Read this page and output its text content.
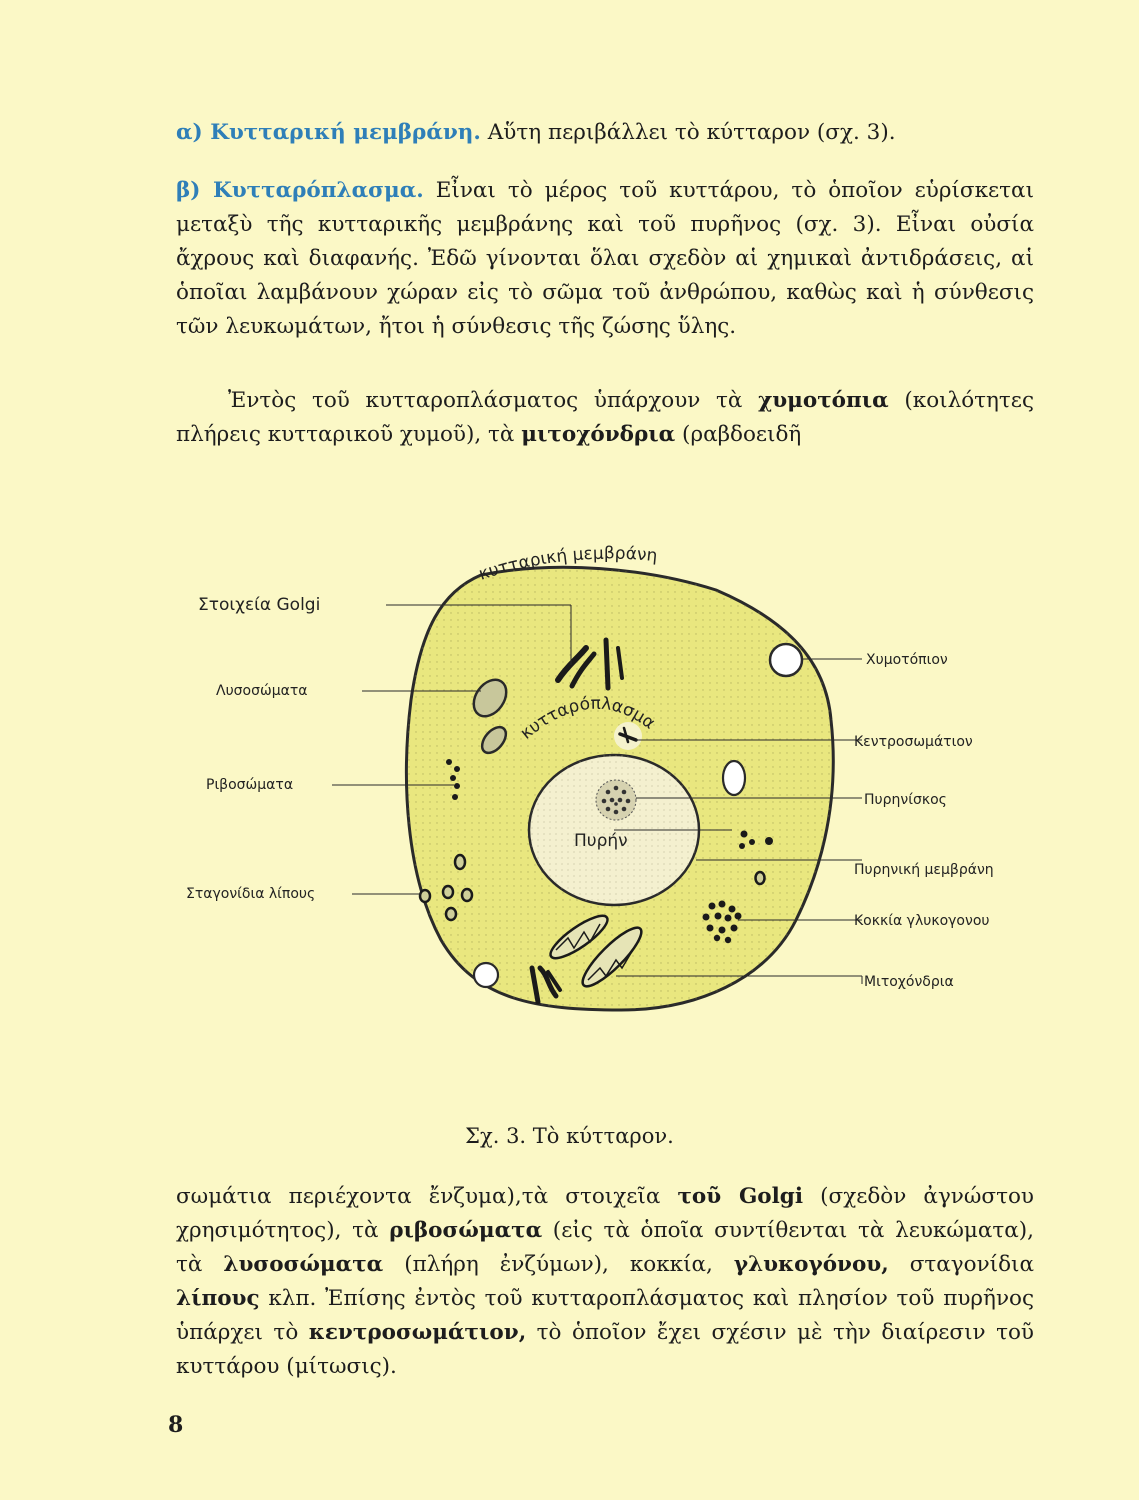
α) Κυτταρική μεμβράνη. Αὕτη περιβάλλει τὸ κύτταρον (σχ. 3).

β) Κυτταρόπλασμα. Εἶναι τὸ μέρος τοῦ κυττάρου, τὸ ὁποῖον εὑρίσκεται μεταξὺ τῆς κυτταρικῆς μεμβράνης καὶ τοῦ πυρῆνος (σχ. 3). Εἶναι οὐσία ἄχρους καὶ διαφανής. Ἐδῶ γίνονται ὅλαι σχεδὸν αἱ χημικαὶ ἀντιδράσεις, αἱ ὁποῖαι λαμβάνουν χώραν εἰς τὸ σῶμα τοῦ ἀνθρώπου, καθὼς καὶ ἡ σύνθεσις τῶν λευκωμάτων, ἤτοι ἡ σύνθεσις τῆς ζώσης ὕλης.

Ἐντὸς τοῦ κυτταροπλάσματος ὑπάρχουν τὰ χυμοτόπια (κοιλότητες πλήρεις κυτταρικοῦ χυμοῦ), τὰ μιτοχόνδρια (ραβδοειδῆ

κυτταρική μεμβράνη
κυτταρόπλασμα
Πυρήν
Στοιχεία Golgi
Λυσοσώματα
Ριβοσώματα
Σταγονίδια λίπους
Χυμοτόπιον
Κεντροσωμάτιον
Πυρηνίσκος
Πυρηνική μεμβράνη
Κοκκία γλυκογονου
Μιτοχόνδρια
Σχ. 3. Τὸ κύτταρον.

σωμάτια περιέχοντα ἔνζυμα),τὰ στοιχεῖα τοῦ Golgi (σχεδὸν ἀγνώστου χρησιμότητος), τὰ ριβοσώματα (εἰς τὰ ὁποῖα συντίθενται τὰ λευκώματα), τὰ λυσοσώματα (πλήρη ἐνζύμων), κοκκία, γλυκογόνου, σταγονίδια λίπους κλπ. Ἐπίσης ἐντὸς τοῦ κυτταροπλάσματος καὶ πλησίον τοῦ πυρῆνος ὑπάρχει τὸ κεντροσωμάτιον, τὸ ὁποῖον ἔχει σχέσιν μὲ τὴν διαίρεσιν τοῦ κυττάρου (μίτωσις).

8
